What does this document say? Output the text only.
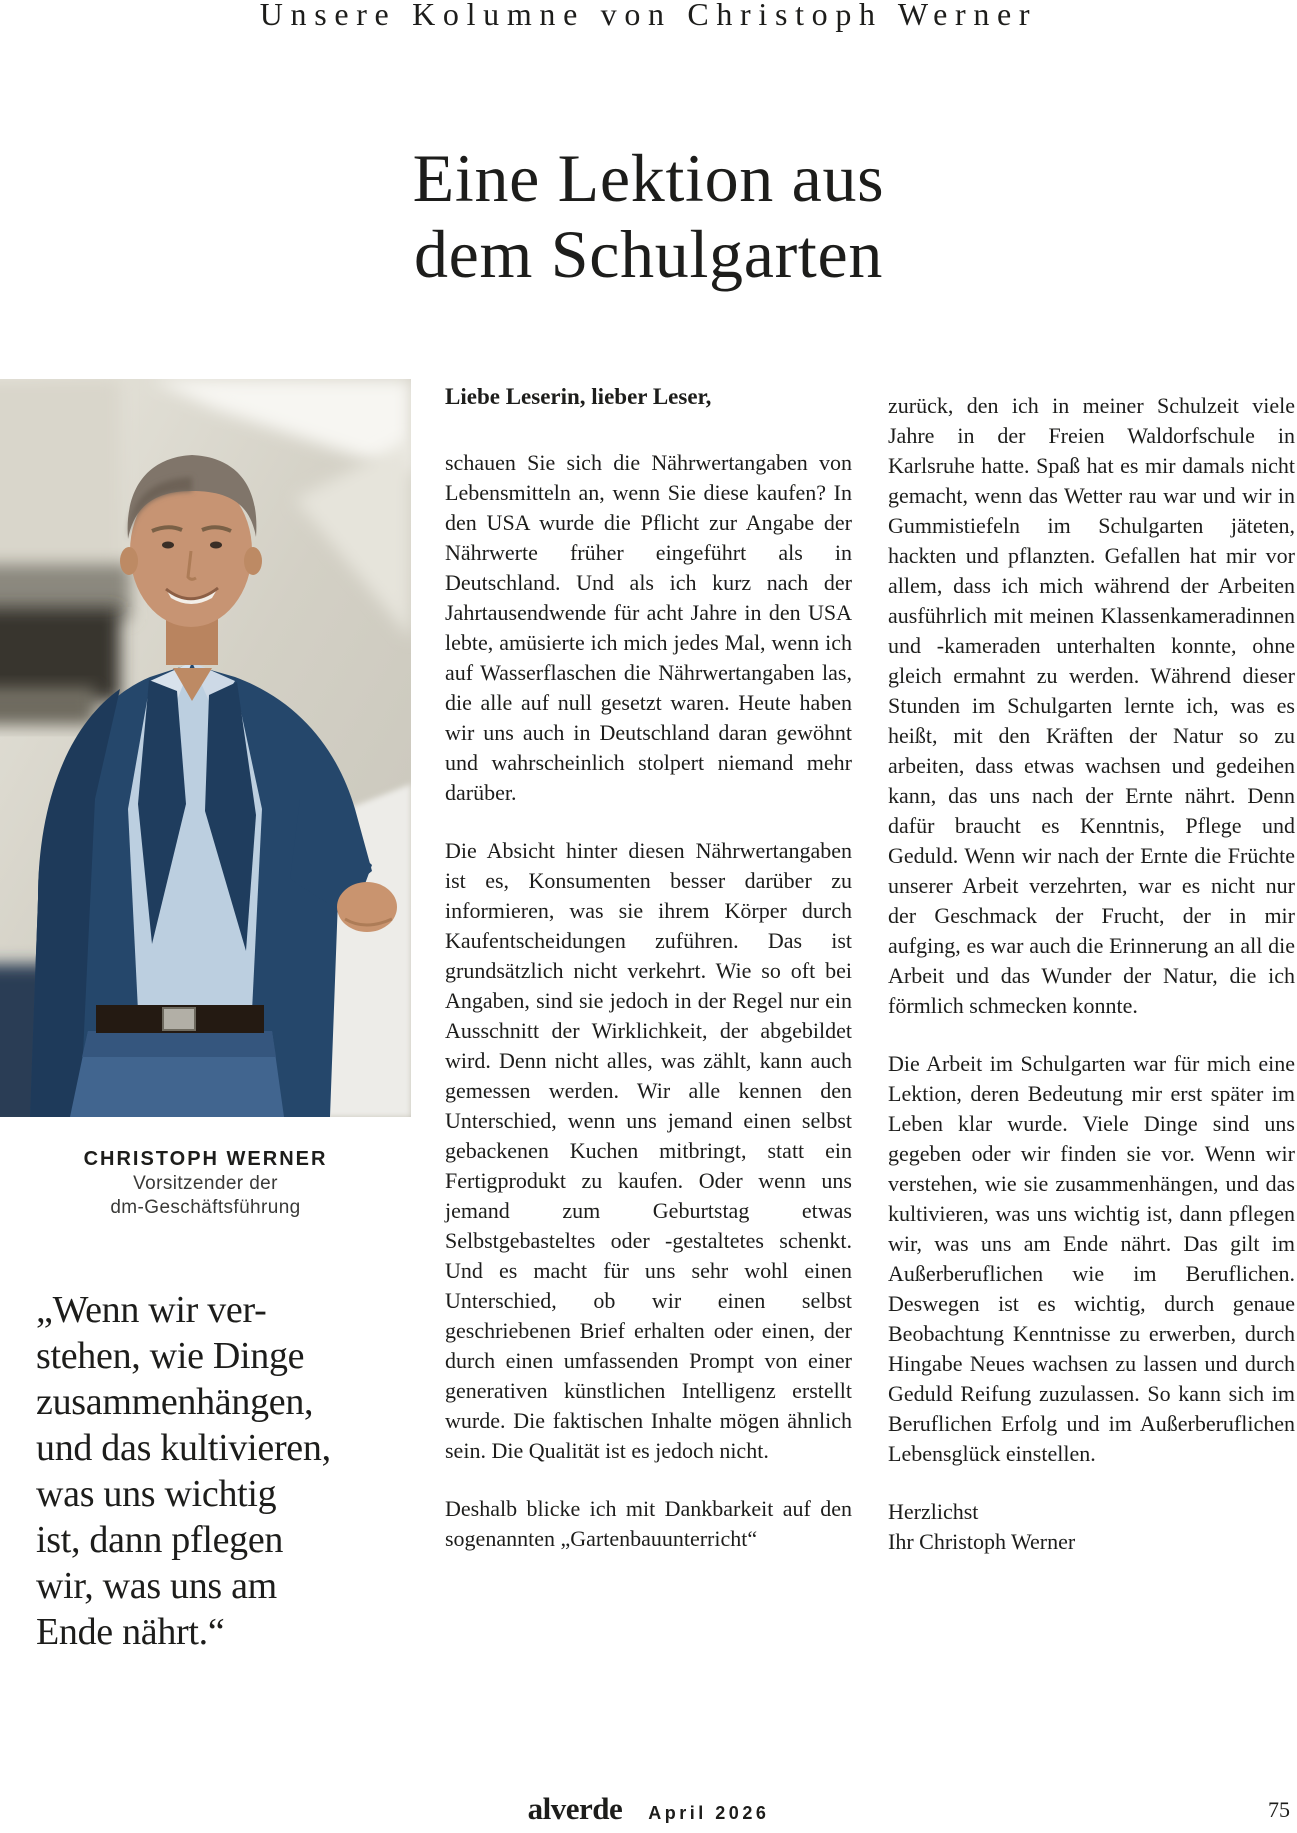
Unsere Kolumne von Christoph Werner
Eine Lektion aus
dem Schulgarten
CHRISTOPH WERNER
Vorsitzender der
dm-Geschäftsführung
„Wenn wir ver-
stehen, wie Dinge
zusammenhängen,
und das kultivieren,
was uns wichtig
ist, dann pflegen
wir, was uns am
Ende nährt.“
Liebe Leserin, lieber Leser,

schauen Sie sich die Nährwertangaben von Lebensmitteln an, wenn Sie diese kaufen? In den USA wurde die Pflicht zur Angabe der Nährwerte früher eingeführt als in Deutschland. Und als ich kurz nach der Jahrtausendwende für acht Jahre in den USA lebte, amüsierte ich mich jedes Mal, wenn ich auf Wasserflaschen die Nährwertangaben las, die alle auf null gesetzt waren. Heute haben wir uns auch in Deutschland daran gewöhnt und wahrscheinlich stolpert niemand mehr darüber.

Die Absicht hinter diesen Nährwertangaben ist es, Konsumenten besser darüber zu informieren, was sie ihrem Körper durch Kaufentscheidungen zuführen. Das ist grundsätzlich nicht verkehrt. Wie so oft bei Angaben, sind sie jedoch in der Regel nur ein Ausschnitt der Wirklichkeit, der abgebildet wird. Denn nicht alles, was zählt, kann auch gemessen werden. Wir alle kennen den Unterschied, wenn uns jemand einen selbst gebackenen Kuchen mitbringt, statt ein Fertigprodukt zu kaufen. Oder wenn uns jemand zum Geburtstag etwas Selbstgebasteltes oder -gestaltetes schenkt. Und es macht für uns sehr wohl einen Unterschied, ob wir einen selbst geschriebenen Brief erhalten oder einen, der durch einen umfassenden Prompt von einer generativen künstlichen Intelligenz erstellt wurde. Die faktischen Inhalte mögen ähnlich sein. Die Qualität ist es jedoch nicht.

Deshalb blicke ich mit Dankbarkeit auf den sogenannten „Gartenbauunterricht“

zurück, den ich in meiner Schulzeit viele Jahre in der Freien Waldorfschule in Karlsruhe hatte. Spaß hat es mir damals nicht gemacht, wenn das Wetter rau war und wir in Gummistiefeln im Schulgarten jäteten, hackten und pflanzten. Gefallen hat mir vor allem, dass ich mich während der Arbeiten ausführlich mit meinen Klassenkameradinnen und -kameraden unterhalten konnte, ohne gleich ermahnt zu werden. Während dieser Stunden im Schulgarten lernte ich, was es heißt, mit den Kräften der Natur so zu arbeiten, dass etwas wachsen und gedeihen kann, das uns nach der Ernte nährt. Denn dafür braucht es Kenntnis, Pflege und Geduld. Wenn wir nach der Ernte die Früchte unserer Arbeit verzehrten, war es nicht nur der Geschmack der Frucht, der in mir aufging, es war auch die Erinnerung an all die Arbeit und das Wunder der Natur, die ich förmlich schmecken konnte.

Die Arbeit im Schulgarten war für mich eine Lektion, deren Bedeutung mir erst später im Leben klar wurde. Viele Dinge sind uns gegeben oder wir finden sie vor. Wenn wir verstehen, wie sie zusammenhängen, und das kultivieren, was uns wichtig ist, dann pflegen wir, was uns am Ende nährt. Das gilt im Außerberuflichen wie im Beruflichen. Deswegen ist es wichtig, durch genaue Beobachtung Kenntnisse zu erwerben, durch Hingabe Neues wachsen zu lassen und durch Geduld Reifung zuzulassen. So kann sich im Beruflichen Erfolg und im Außerberuflichen Lebensglück einstellen.

Herzlichst
Ihr Christoph Werner
alverde April 2026	75
